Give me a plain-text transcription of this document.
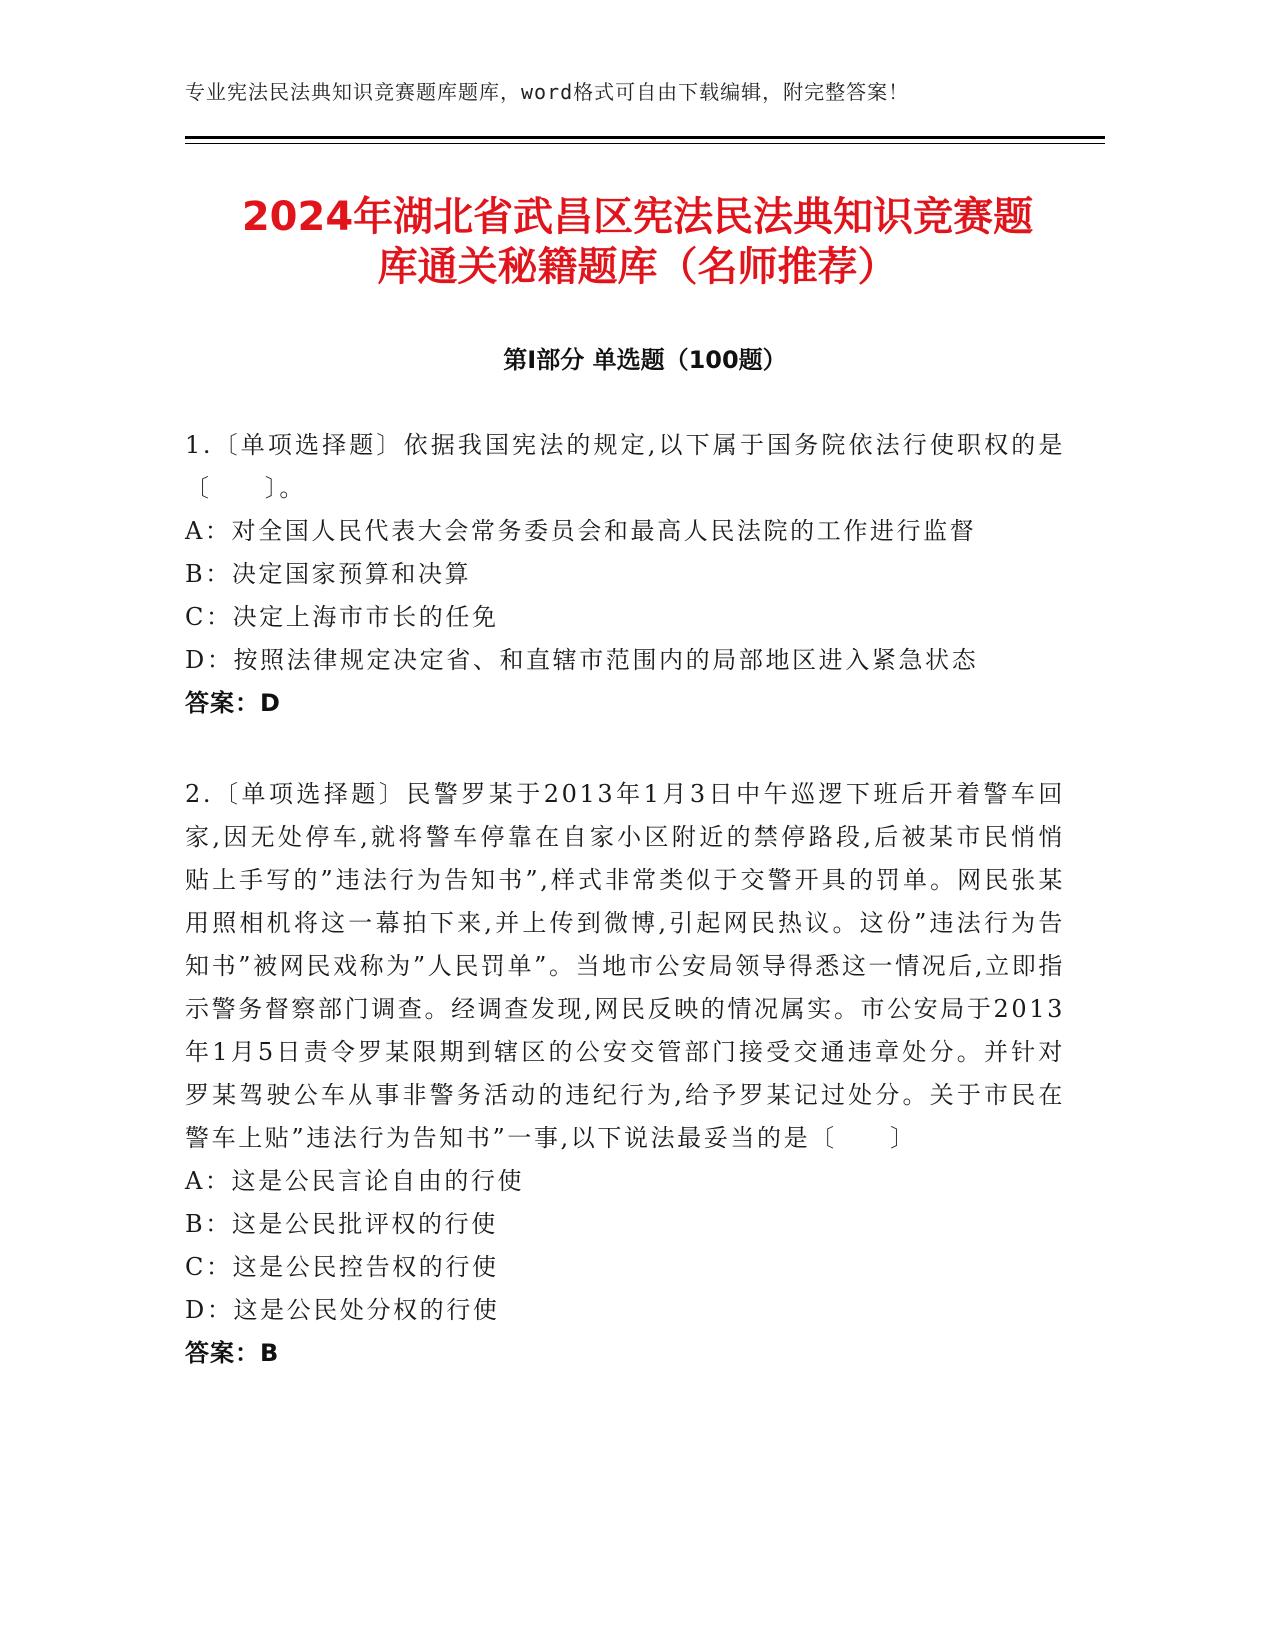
专业宪法民法典知识竞赛题库题库，word格式可自由下载编辑，附完整答案！
2024年湖北省武昌区宪法民法典知识竞赛题
库通关秘籍题库（名师推荐）
第Ⅰ部分 单选题（100题）
1.〔单项选择题〕依据我国宪法的规定,以下属于国务院依法行使职权的是〔　　〕。
A：对全国人民代表大会常务委员会和最高人民法院的工作进行监督
B：决定国家预算和决算
C：决定上海市市长的任免
D：按照法律规定决定省、和直辖市范围内的局部地区进入紧急状态
答案：D
2.〔单项选择题〕民警罗某于2013年1月3日中午巡逻下班后开着警车回家,因无处停车,就将警车停靠在自家小区附近的禁停路段,后被某市民悄悄贴上手写的”违法行为告知书”,样式非常类似于交警开具的罚单。网民张某用照相机将这一幕拍下来,并上传到微博,引起网民热议。这份”违法行为告知书”被网民戏称为”人民罚单”。当地市公安局领导得悉这一情况后,立即指示警务督察部门调查。经调查发现,网民反映的情况属实。市公安局于2013年1月5日责令罗某限期到辖区的公安交管部门接受交通违章处分。并针对罗某驾驶公车从事非警务活动的违纪行为,给予罗某记过处分。关于市民在警车上贴”违法行为告知书”一事,以下说法最妥当的是〔　　〕
A：这是公民言论自由的行使
B：这是公民批评权的行使
C：这是公民控告权的行使
D：这是公民处分权的行使
答案：B
